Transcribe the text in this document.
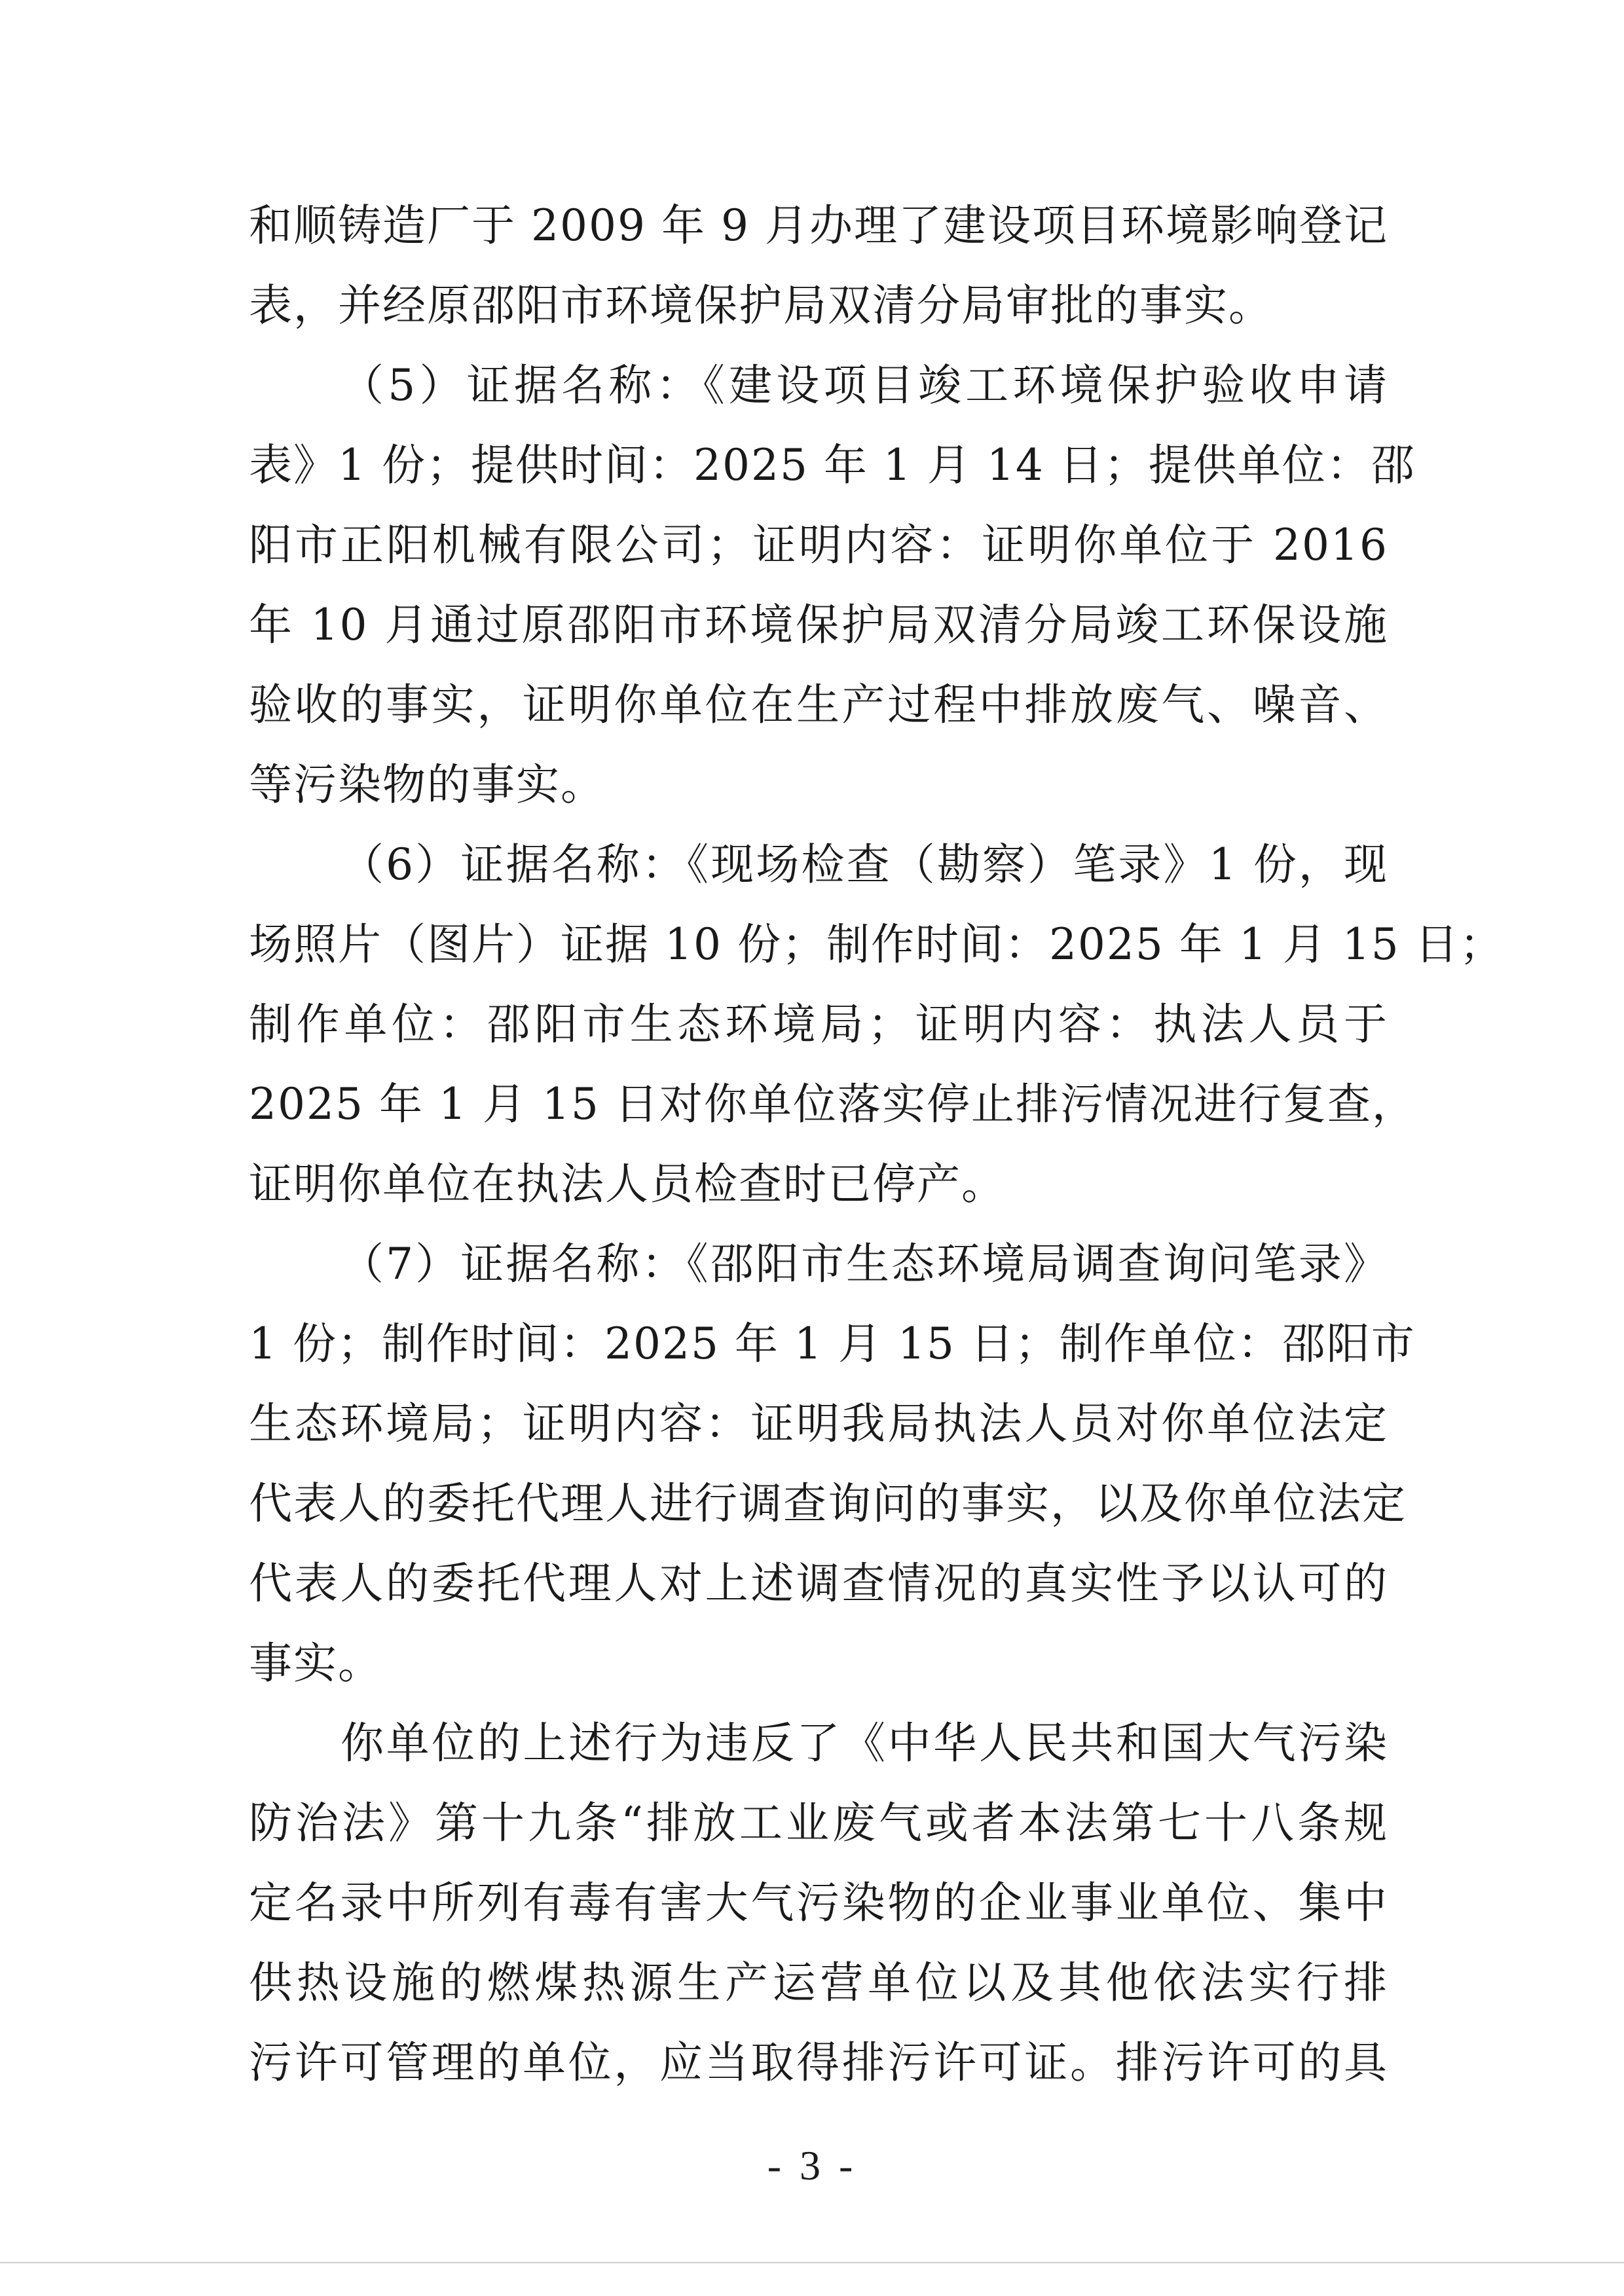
和顺铸造厂于 2009 年 9 月办理了建设项目环境影响登记
表，并经原邵阳市环境保护局双清分局审批的事实。
（5）证据名称：《建设项目竣工环境保护验收申请
表》1 份；提供时间：2025 年 1 月 14 日；提供单位：邵
阳市正阳机械有限公司；证明内容：证明你单位于 2016
年 10 月通过原邵阳市环境保护局双清分局竣工环保设施
验收的事实，证明你单位在生产过程中排放废气、噪音、
等污染物的事实。
（6）证据名称：《现场检查（勘察）笔录》1 份，现
场照片（图片）证据 10 份；制作时间：2025 年 1 月 15 日；
制作单位：邵阳市生态环境局；证明内容：执法人员于
2025 年 1 月 15 日对你单位落实停止排污情况进行复查，
证明你单位在执法人员检查时已停产。
（7）证据名称：《邵阳市生态环境局调查询问笔录》
1 份；制作时间：2025 年 1 月 15 日；制作单位：邵阳市
生态环境局；证明内容：证明我局执法人员对你单位法定
代表人的委托代理人进行调查询问的事实，以及你单位法定
代表人的委托代理人对上述调查情况的真实性予以认可的
事实。
你单位的上述行为违反了《中华人民共和国大气污染
防治法》第十九条“排放工业废气或者本法第七十八条规
定名录中所列有毒有害大气污染物的企业事业单位、集中
供热设施的燃煤热源生产运营单位以及其他依法实行排
污许可管理的单位，应当取得排污许可证。排污许可的具
- 3 -
